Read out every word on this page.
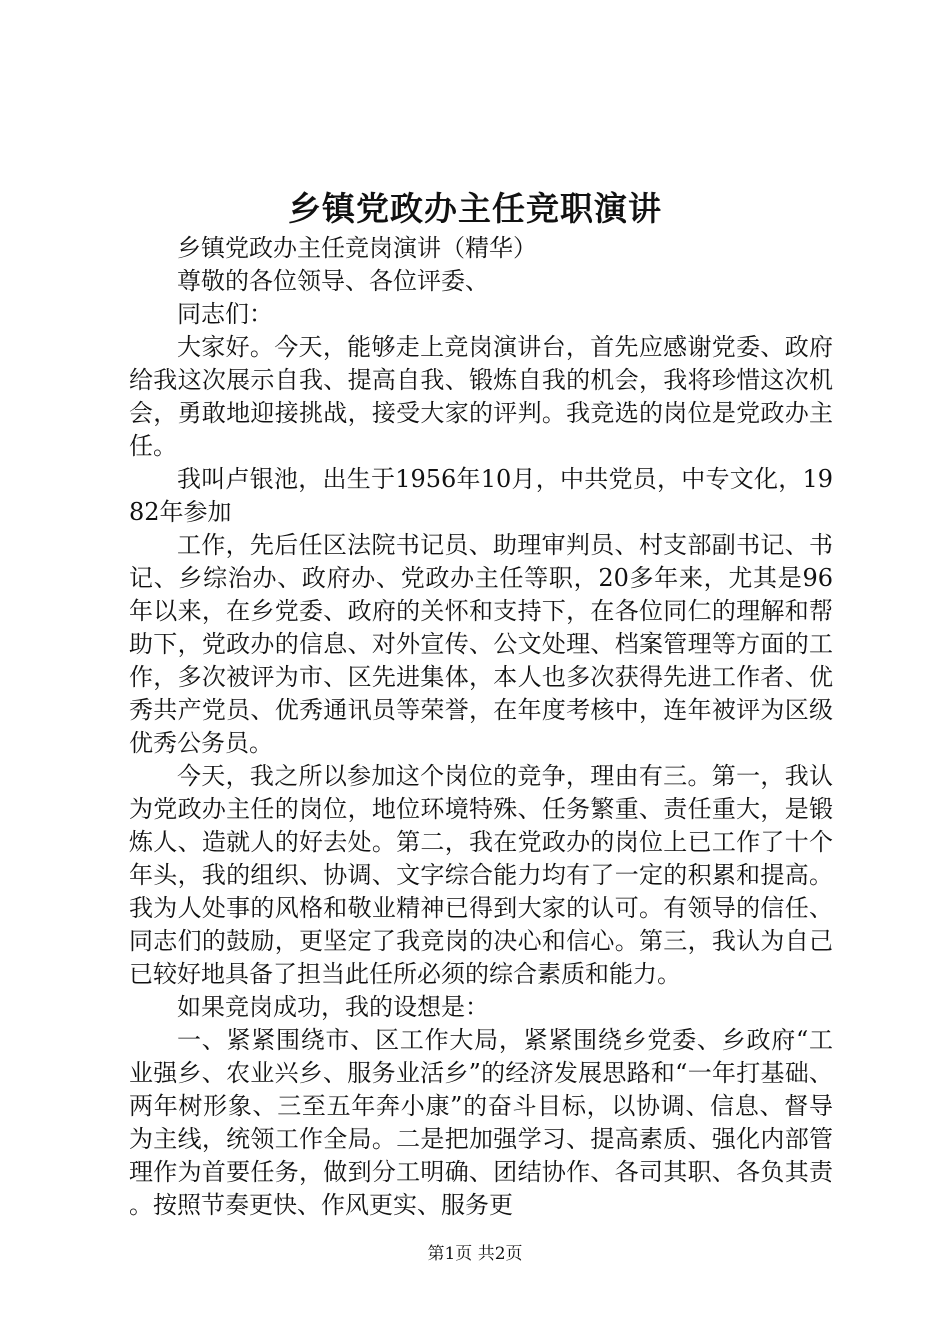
乡镇党政办主任竞职演讲

乡镇党政办主任竞岗演讲（精华）

尊敬的各位领导、各位评委、

同志们：

大家好。今天，能够走上竞岗演讲台，首先应感谢党委、政府给我这次展示自我、提高自我、锻炼自我的机会，我将珍惜这次机会，勇敢地迎接挑战，接受大家的评判。我竞选的岗位是党政办主任。

我叫卢银池，出生于1956年10月，中共党员，中专文化，1982年参加

工作，先后任区法院书记员、助理审判员、村支部副书记、书记、乡综治办、政府办、党政办主任等职，20多年来，尤其是96年以来，在乡党委、政府的关怀和支持下，在各位同仁的理解和帮助下，党政办的信息、对外宣传、公文处理、档案管理等方面的工作，多次被评为市、区先进集体，本人也多次获得先进工作者、优秀共产党员、优秀通讯员等荣誉，在年度考核中，连年被评为区级优秀公务员。

今天，我之所以参加这个岗位的竞争，理由有三。第一，我认为党政办主任的岗位，地位环境特殊、任务繁重、责任重大，是锻炼人、造就人的好去处。第二，我在党政办的岗位上已工作了十个年头，我的组织、协调、文字综合能力均有了一定的积累和提高。我为人处事的风格和敬业精神已得到大家的认可。有领导的信任、同志们的鼓励，更坚定了我竞岗的决心和信心。第三，我认为自己已较好地具备了担当此任所必须的综合素质和能力。

如果竞岗成功，我的设想是：

一、紧紧围绕市、区工作大局，紧紧围绕乡党委、乡政府“工业强乡、农业兴乡、服务业活乡”的经济发展思路和“一年打基础、两年树形象、三至五年奔小康”的奋斗目标，以协调、信息、督导为主线，统领工作全局。二是把加强学习、提高素质、强化内部管理作为首要任务，做到分工明确、团结协作、各司其职、各负其责。按照节奏更快、作风更实、服务更

第1页 共2页
